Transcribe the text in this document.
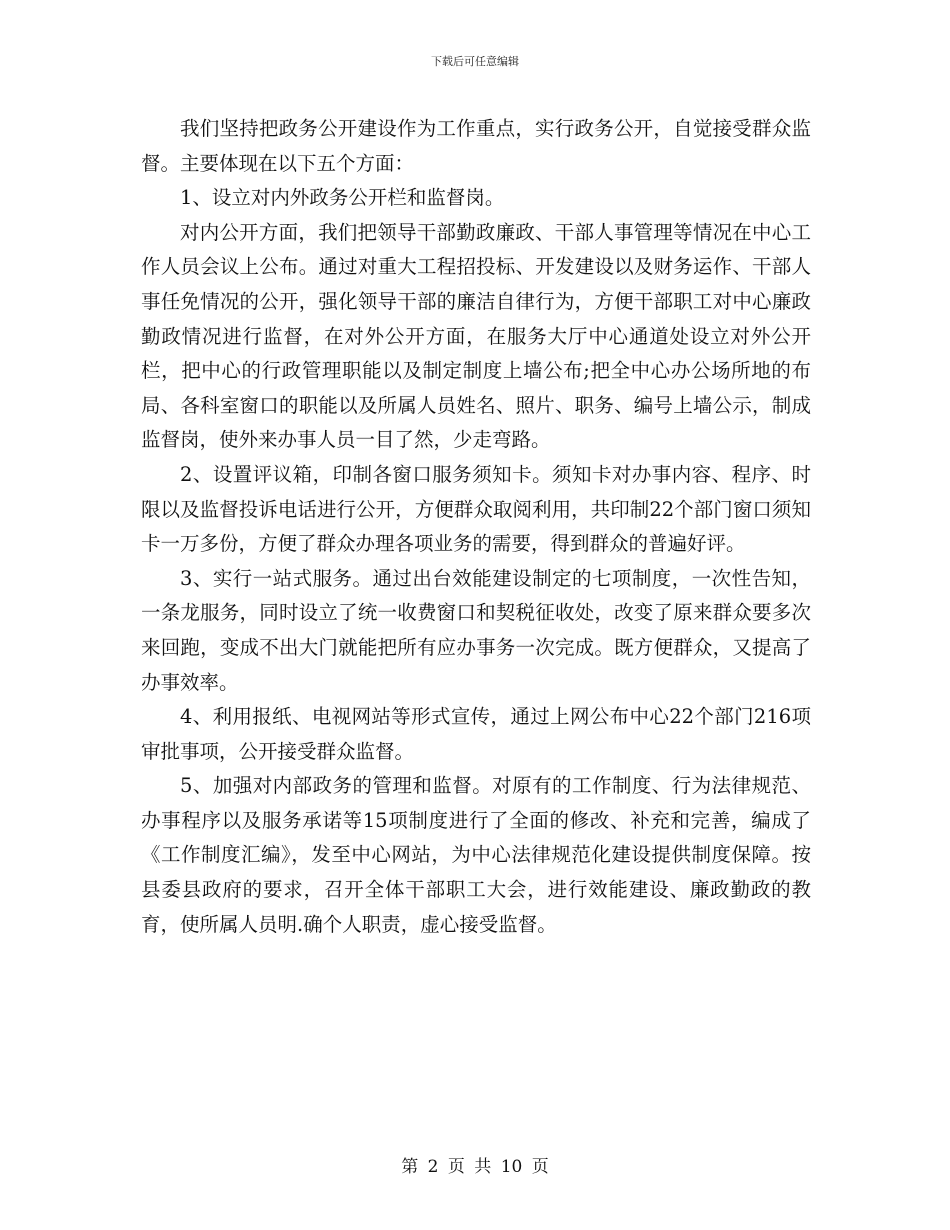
下载后可任意编辑

我们坚持把政务公开建设作为工作重点，实行政务公开，自觉接受群众监督。主要体现在以下五个方面：

1、设立对内外政务公开栏和监督岗。

对内公开方面，我们把领导干部勤政廉政、干部人事管理等情况在中心工作人员会议上公布。通过对重大工程招投标、开发建设以及财务运作、干部人事任免情况的公开，强化领导干部的廉洁自律行为，方便干部职工对中心廉政勤政情况进行监督，在对外公开方面，在服务大厅中心通道处设立对外公开栏，把中心的行政管理职能以及制定制度上墙公布;把全中心办公场所地的布局、各科室窗口的职能以及所属人员姓名、照片、职务、编号上墙公示，制成监督岗，使外来办事人员一目了然，少走弯路。

2、设置评议箱，印制各窗口服务须知卡。须知卡对办事内容、程序、时限以及监督投诉电话进行公开，方便群众取阅利用，共印制22个部门窗口须知卡一万多份，方便了群众办理各项业务的需要，得到群众的普遍好评。

3、实行一站式服务。通过出台效能建设制定的七项制度，一次性告知，一条龙服务，同时设立了统一收费窗口和契税征收处，改变了原来群众要多次来回跑，变成不出大门就能把所有应办事务一次完成。既方便群众，又提高了办事效率。

4、利用报纸、电视网站等形式宣传，通过上网公布中心22个部门216项审批事项，公开接受群众监督。

5、加强对内部政务的管理和监督。对原有的工作制度、行为法律规范、办事程序以及服务承诺等15项制度进行了全面的修改、补充和完善，编成了《工作制度汇编》，发至中心网站，为中心法律规范化建设提供制度保障。按县委县政府的要求，召开全体干部职工大会，进行效能建设、廉政勤政的教育，使所属人员明.确个人职责，虚心接受监督。

第 2 页 共 10 页
